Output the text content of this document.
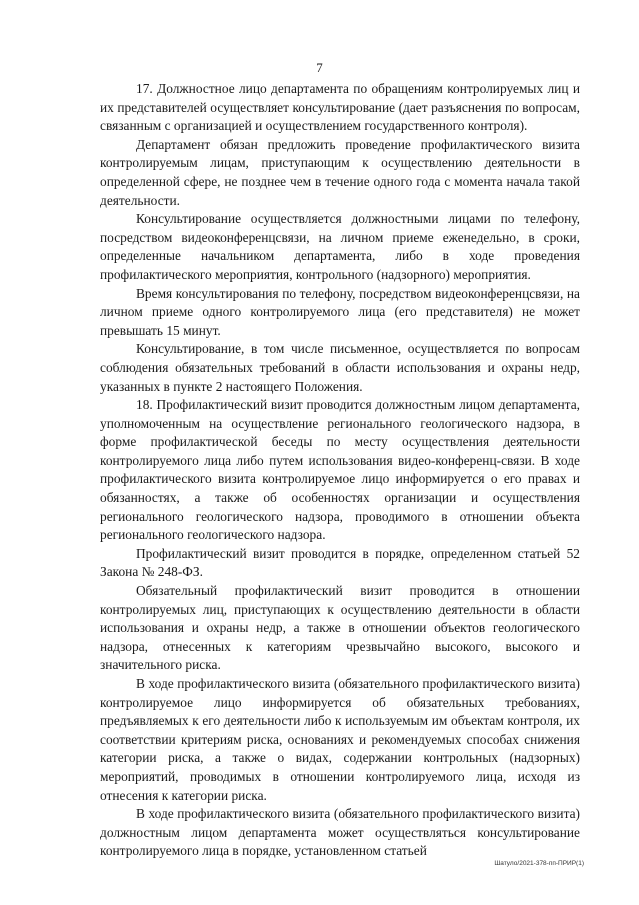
7

17. Должностное лицо департамента по обращениям контролируемых лиц и их представителей осуществляет консультирование (дает разъяснения по вопросам, связанным с организацией и осуществлением государственного контроля).

Департамент обязан предложить проведение профилактического визита контролируемым лицам, приступающим к осуществлению деятельности в определенной сфере, не позднее чем в течение одного года с момента начала такой деятельности.

Консультирование осуществляется должностными лицами по телефону, посредством видеоконференцсвязи, на личном приеме еженедельно, в сроки, определенные начальником департамента, либо в ходе проведения профилактического мероприятия, контрольного (надзорного) мероприятия.

Время консультирования по телефону, посредством видеоконференцсвязи, на личном приеме одного контролируемого лица (его представителя) не может превышать 15 минут.

Консультирование, в том числе письменное, осуществляется по вопросам соблюдения обязательных требований в области использования и охраны недр, указанных в пункте 2 настоящего Положения.

18. Профилактический визит проводится должностным лицом департамента, уполномоченным на осуществление регионального геологического надзора, в форме профилактической беседы по месту осуществления деятельности контролируемого лица либо путем использования видео-конференц-связи. В ходе профилактического визита контролируемое лицо информируется о его правах и обязанностях, а также об особенностях организации и осуществления регионального геологического надзора, проводимого в отношении объекта регионального геологического надзора.

Профилактический визит проводится в порядке, определенном статьей 52 Закона № 248-ФЗ.

Обязательный профилактический визит проводится в отношении контролируемых лиц, приступающих к осуществлению деятельности в области использования и охраны недр, а также в отношении объектов геологического надзора, отнесенных к категориям чрезвычайно высокого, высокого и значительного риска.

В ходе профилактического визита (обязательного профилактического визита) контролируемое лицо информируется об обязательных требованиях, предъявляемых к его деятельности либо к используемым им объектам контроля, их соответствии критериям риска, основаниях и рекомендуемых способах снижения категории риска, а также о видах, содержании контрольных (надзорных) мероприятий, проводимых в отношении контролируемого лица, исходя из отнесения к категории риска.

В ходе профилактического визита (обязательного профилактического визита) должностным лицом департамента может осуществляться консультирование контролируемого лица в порядке, установленном статьей

Шатуло/2021-378-пп-ПРИР(1)
